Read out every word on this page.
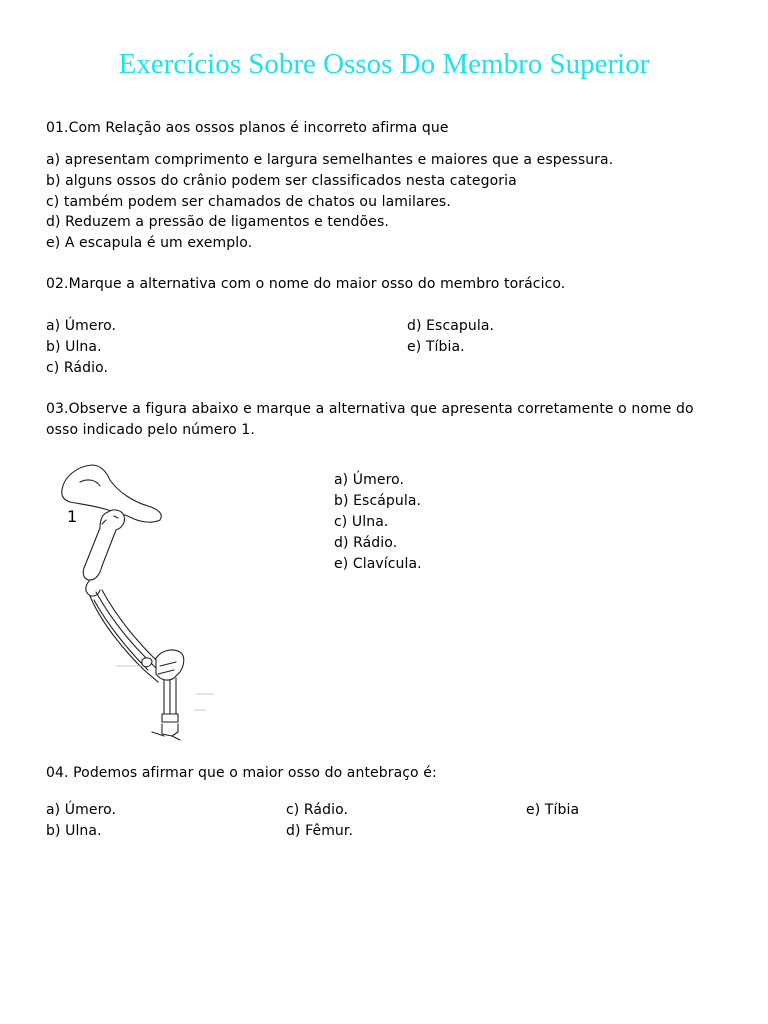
Exercícios Sobre Ossos Do Membro Superior
01.Com Relação aos ossos planos é incorreto afirma que
a) apresentam comprimento e largura semelhantes e maiores que a espessura.
b) alguns ossos do crânio podem ser classificados nesta categoria
c) também podem ser chamados de chatos ou lamilares.
d) Reduzem a pressão de ligamentos e tendões.
e) A escapula é um exemplo.
02.Marque a alternativa com o nome do maior osso do membro torácico.
a) Úmero.
b) Ulna.
c) Rádio.
d) Escapula.
e) Tíbia.
03.Observe a figura abaixo e marque a alternativa que apresenta corretamente o nome do
osso indicado pelo número 1.
1
a) Úmero.
b) Escápula.
c) Ulna.
d) Rádio.
e) Clavícula.
04. Podemos afirmar que o maior osso do antebraço é:
a) Úmero.
b) Ulna.
c) Rádio.
d) Fêmur.
e) Tíbia
